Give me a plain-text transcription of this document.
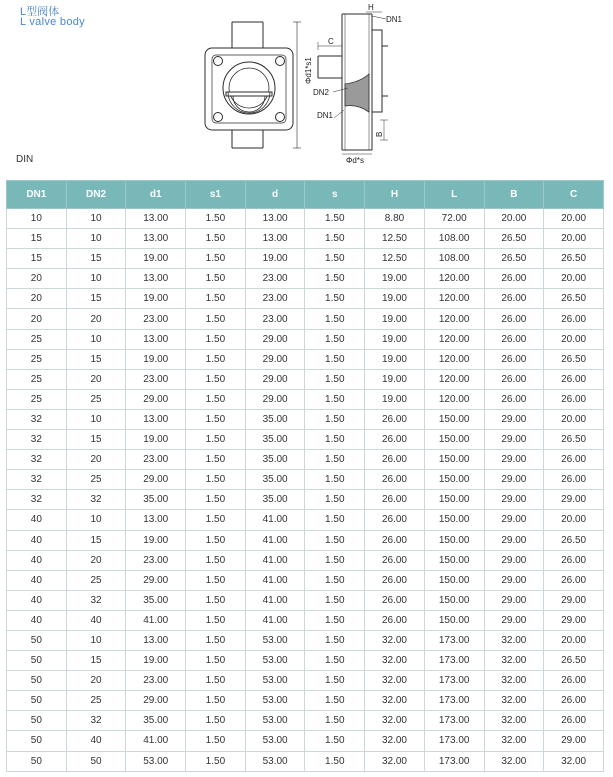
L型阀体
L valve body
H
DN1
C
Φd1*s1
DN2
DN1
B
Φd*s
DIN
DN1	DN2	d1	s1	d	s	H	L	B	C
10	10	13.00	1.50	13.00	1.50	8.80	72.00	20.00	20.00
15	10	13.00	1.50	13.00	1.50	12.50	108.00	26.50	20.00
15	15	19.00	1.50	19.00	1.50	12.50	108.00	26.50	26.50
20	10	13.00	1.50	23.00	1.50	19.00	120.00	26.00	20.00
20	15	19.00	1.50	23.00	1.50	19.00	120.00	26.00	26.50
20	20	23.00	1.50	23.00	1.50	19.00	120.00	26.00	26.00
25	10	13.00	1.50	29.00	1.50	19.00	120.00	26.00	20.00
25	15	19.00	1.50	29.00	1.50	19.00	120.00	26.00	26.50
25	20	23.00	1.50	29.00	1.50	19.00	120.00	26.00	26.00
25	25	29.00	1.50	29.00	1.50	19.00	120.00	26.00	26.00
32	10	13.00	1.50	35.00	1.50	26.00	150.00	29.00	20.00
32	15	19.00	1.50	35.00	1.50	26.00	150.00	29.00	26.50
32	20	23.00	1.50	35.00	1.50	26.00	150.00	29.00	26.00
32	25	29.00	1.50	35.00	1.50	26.00	150.00	29.00	26.00
32	32	35.00	1.50	35.00	1.50	26.00	150.00	29.00	29.00
40	10	13.00	1.50	41.00	1.50	26.00	150.00	29.00	20.00
40	15	19.00	1.50	41.00	1.50	26.00	150.00	29.00	26.50
40	20	23.00	1.50	41.00	1.50	26.00	150.00	29.00	26.00
40	25	29.00	1.50	41.00	1.50	26.00	150.00	29.00	26.00
40	32	35.00	1.50	41.00	1.50	26.00	150.00	29.00	29.00
40	40	41.00	1.50	41.00	1.50	26.00	150.00	29.00	29.00
50	10	13.00	1.50	53.00	1.50	32.00	173.00	32.00	20.00
50	15	19.00	1.50	53.00	1.50	32.00	173.00	32.00	26.50
50	20	23.00	1.50	53.00	1.50	32.00	173.00	32.00	26.00
50	25	29.00	1.50	53.00	1.50	32.00	173.00	32.00	26.00
50	32	35.00	1.50	53.00	1.50	32.00	173.00	32.00	26.00
50	40	41.00	1.50	53.00	1.50	32.00	173.00	32.00	29.00
50	50	53.00	1.50	53.00	1.50	32.00	173.00	32.00	32.00
